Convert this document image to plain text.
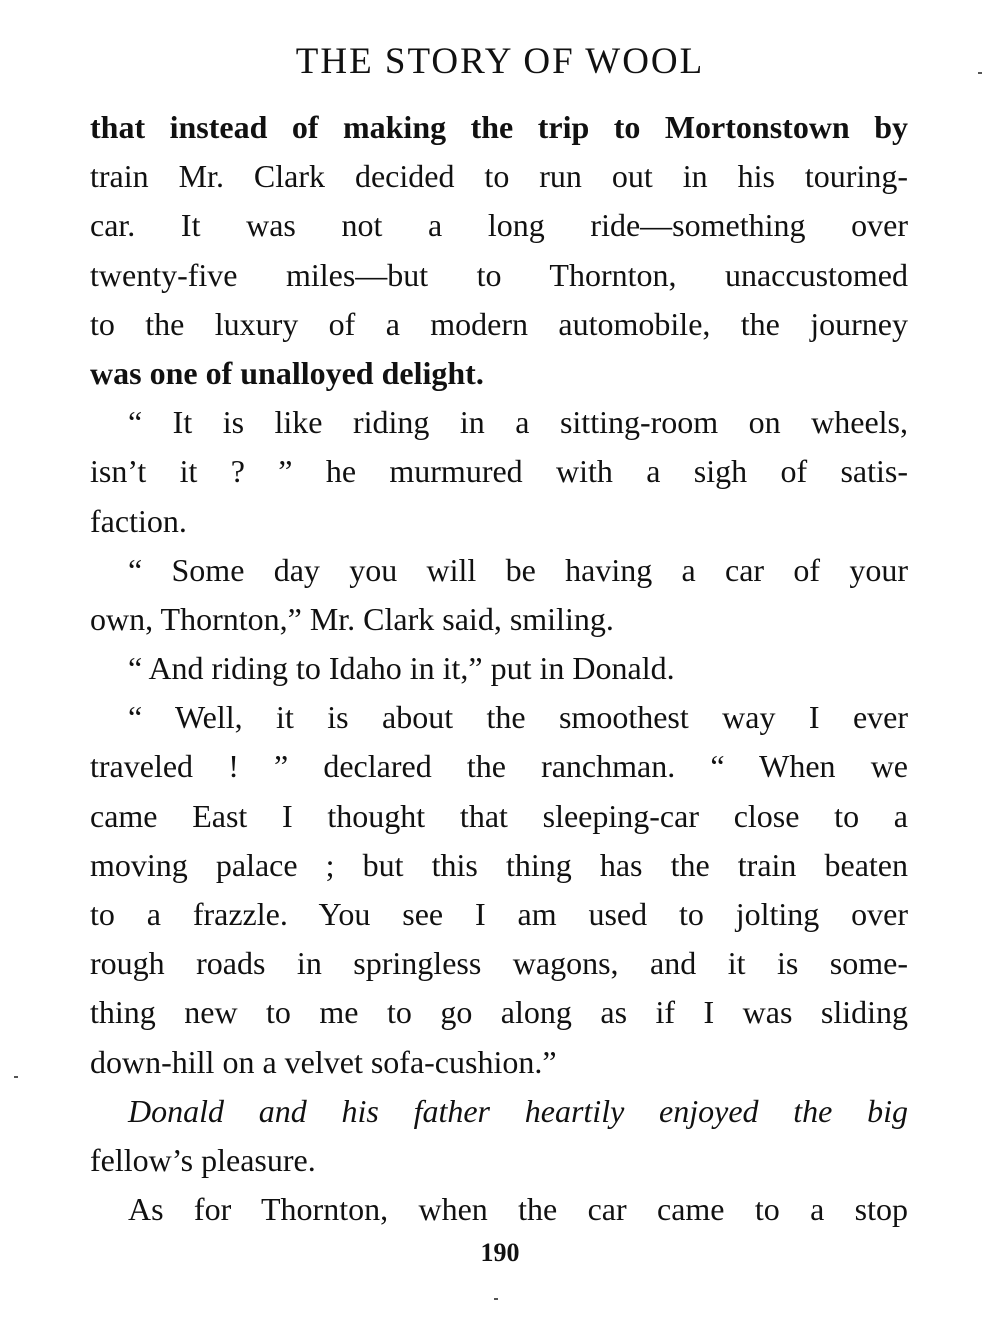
THE STORY OF WOOL
that instead of making the trip to Mortonstown by
train Mr. Clark decided to run out in his touring-
car. It was not a long ride—something over
twenty-five miles—but to Thornton, unaccustomed
to the luxury of a modern automobile, the journey
was one of unalloyed delight.
“ It is like riding in a sitting-room on wheels,
isn’t it ? ” he murmured with a sigh of satis-
faction.
“ Some day you will be having a car of your
own, Thornton,” Mr. Clark said, smiling.
“ And riding to Idaho in it,” put in Donald.
“ Well, it is about the smoothest way I ever
traveled ! ” declared the ranchman. “ When we
came East I thought that sleeping-car close to a
moving palace ; but this thing has the train beaten
to a frazzle. You see I am used to jolting over
rough roads in springless wagons, and it is some-
thing new to me to go along as if I was sliding
down-hill on a velvet sofa-cushion.”
Donald and his father heartily enjoyed the big
fellow’s pleasure.
As for Thornton, when the car came to a stop
190
